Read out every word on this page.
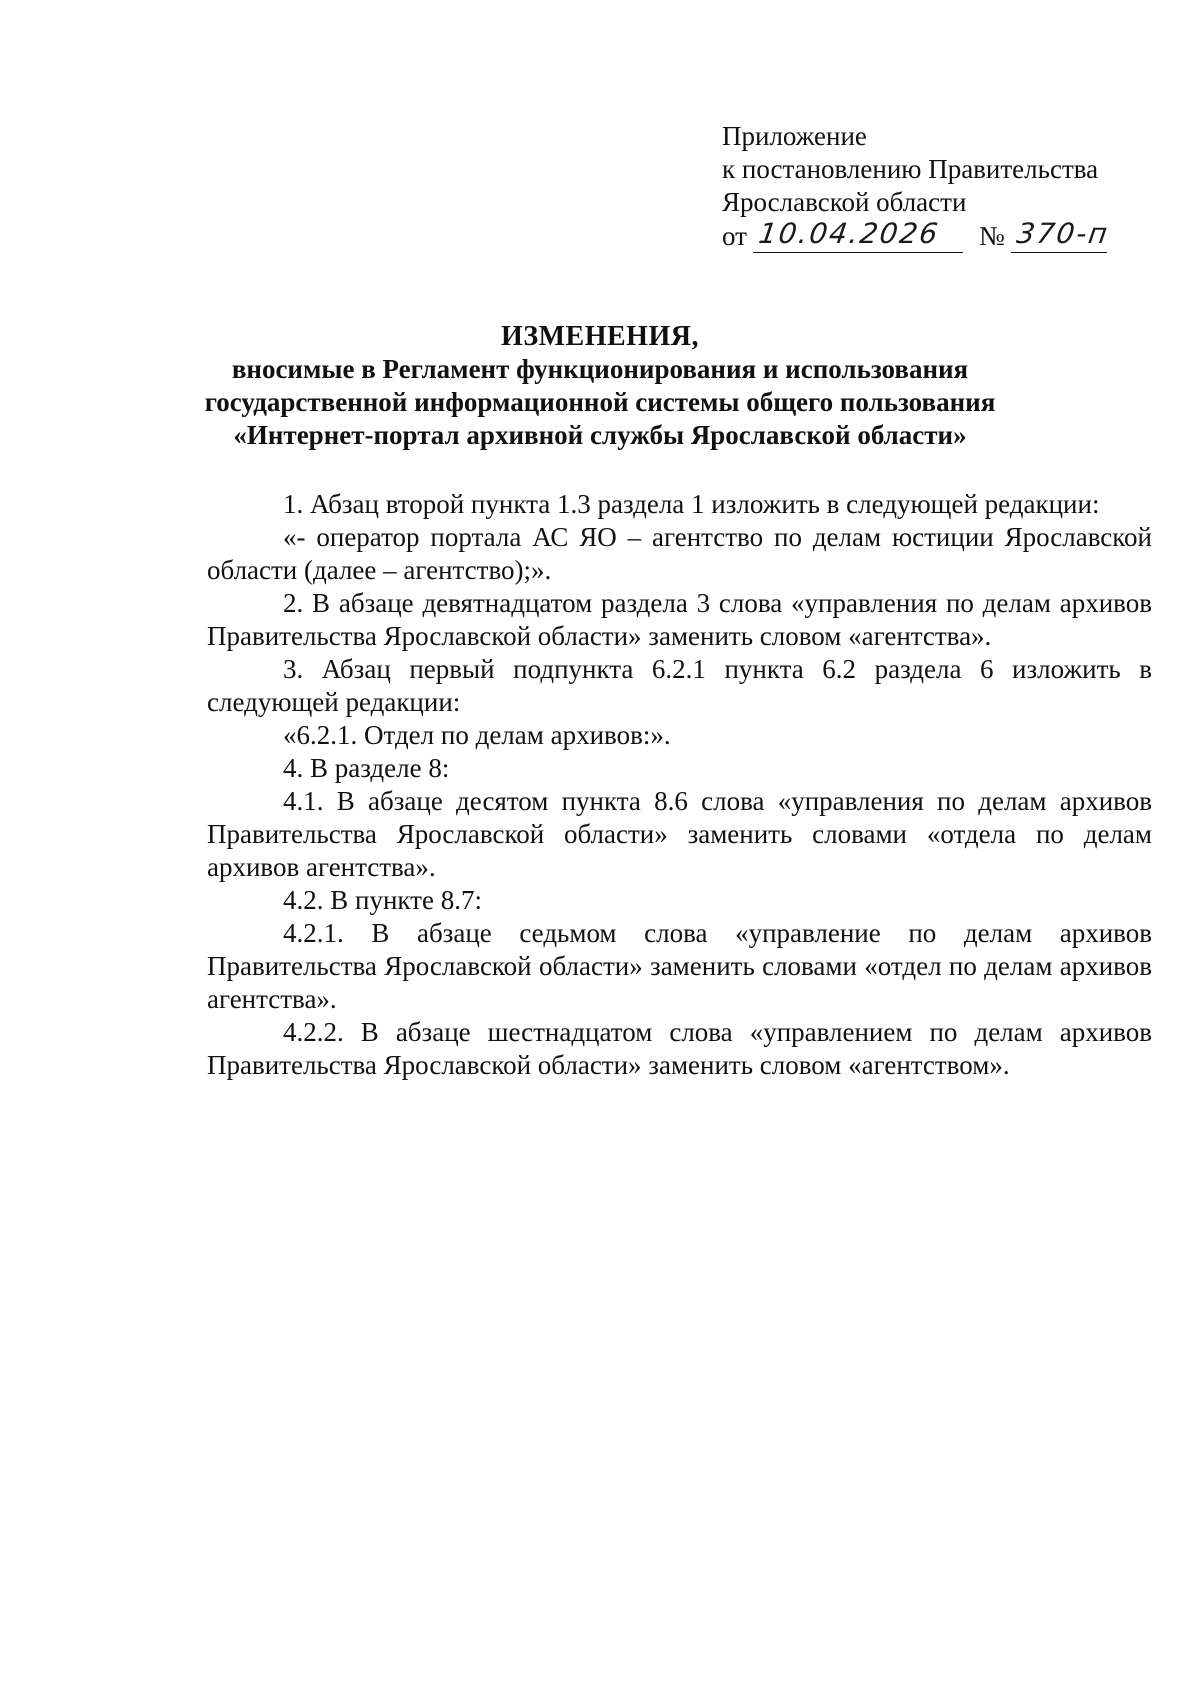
Приложение
к постановлению Правительства
Ярославской области
от 10.04.2026 № 370-п
ИЗМЕНЕНИЯ,
вносимые в Регламент функционирования и использования
государственной информационной системы общего пользования
«Интернет-портал архивной службы Ярославской области»

1. Абзац второй пункта 1.3 раздела 1 изложить в следующей редакции:

«- оператор портала АС ЯО – агентство по делам юстиции Ярославской области (далее – агентство);».

2. В абзаце девятнадцатом раздела 3 слова «управления по делам архивов Правительства Ярославской области» заменить словом «агентства».

3. Абзац первый подпункта 6.2.1 пункта 6.2 раздела 6 изложить в следующей редакции:

«6.2.1. Отдел по делам архивов:».

4. В разделе 8:

4.1. В абзаце десятом пункта 8.6 слова «управления по делам архивов Правительства Ярославской области» заменить словами «отдела по делам архивов агентства».

4.2. В пункте 8.7:

4.2.1. В абзаце седьмом слова «управление по делам архивов Правительства Ярославской области» заменить словами «отдел по делам архивов агентства».

4.2.2. В абзаце шестнадцатом слова «управлением по делам архивов Правительства Ярославской области» заменить словом «агентством».
